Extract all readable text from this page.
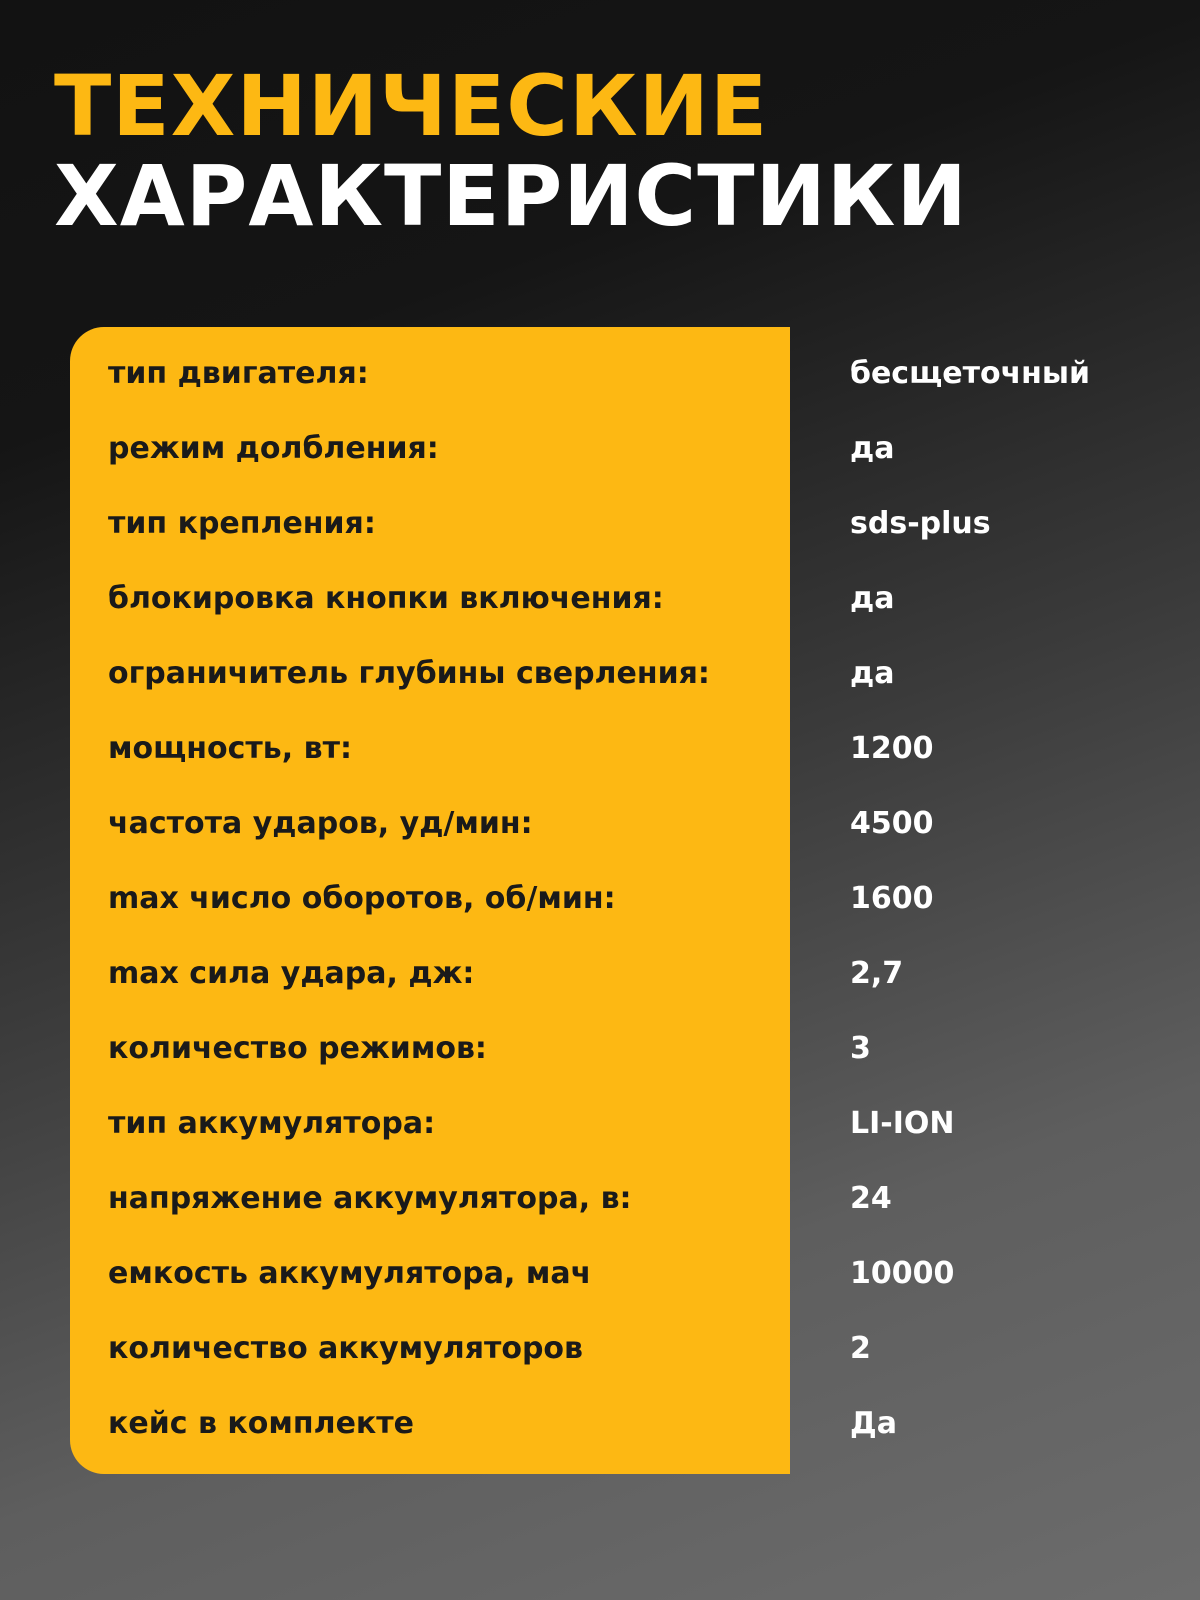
ТЕХНИЧЕСКИЕ
ХАРАКТЕРИСТИКИ
тип двигателя:	бесщеточный
режим долбления:	да
тип крепления:	sds-plus
блокировка кнопки включения:	да
ограничитель глубины сверления:	да
мощность, вт:	1200
частота ударов, уд/мин:	4500
max число оборотов, об/мин:	1600
max сила удара, дж:	2,7
количество режимов:	3
тип аккумулятора:	LI-ION
напряжение аккумулятора, в:	24
емкость аккумулятора, мач	10000
количество аккумуляторов	2
кейс в комплекте	Да
